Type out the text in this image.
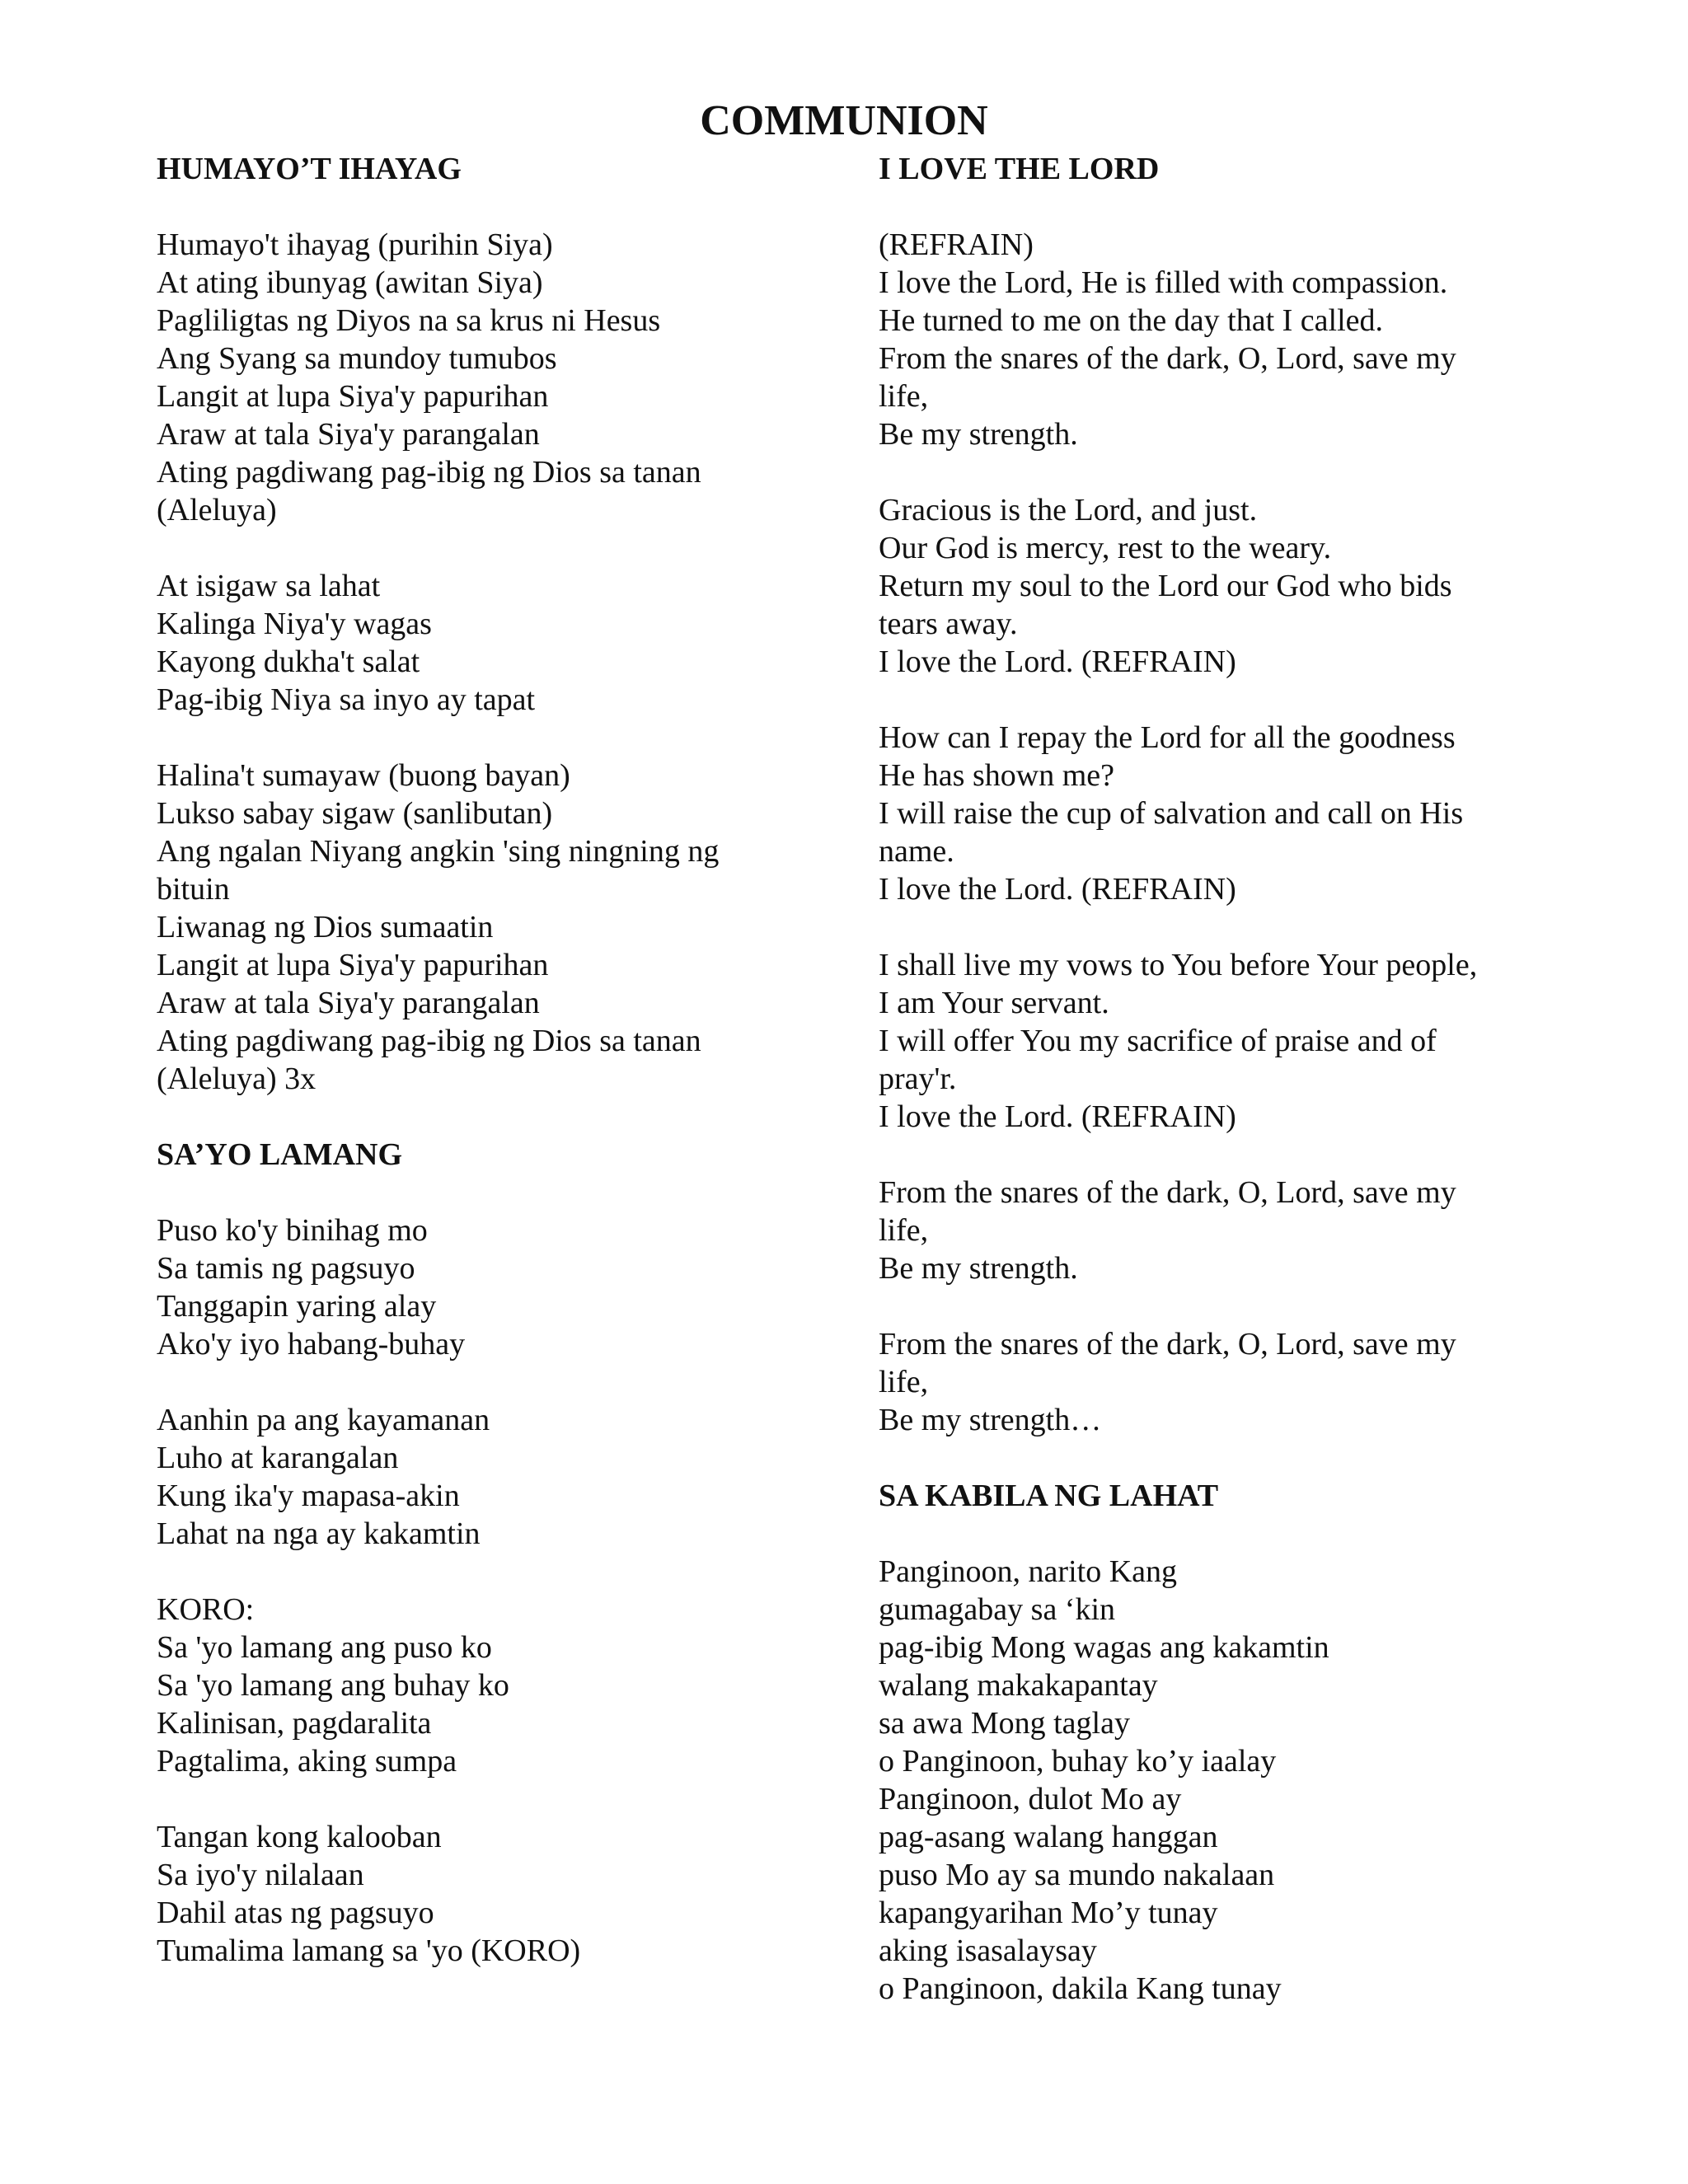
COMMUNION
HUMAYO’T IHAYAG
Humayo't ihayag (purihin Siya)
At ating ibunyag (awitan Siya)
Pagliligtas ng Diyos na sa krus ni Hesus
Ang Syang sa mundoy tumubos
Langit at lupa Siya'y papurihan
Araw at tala Siya'y parangalan
Ating pagdiwang pag-ibig ng Dios sa tanan
(Aleluya)
At isigaw sa lahat
Kalinga Niya'y wagas
Kayong dukha't salat
Pag-ibig Niya sa inyo ay tapat
Halina't sumayaw (buong bayan)
Lukso sabay sigaw (sanlibutan)
Ang ngalan Niyang angkin 'sing ningning ng
bituin
Liwanag ng Dios sumaatin
Langit at lupa Siya'y papurihan
Araw at tala Siya'y parangalan
Ating pagdiwang pag-ibig ng Dios sa tanan
(Aleluya) 3x
SA’YO LAMANG
Puso ko'y binihag mo
Sa tamis ng pagsuyo
Tanggapin yaring alay
Ako'y iyo habang-buhay
Aanhin pa ang kayamanan
Luho at karangalan
Kung ika'y mapasa-akin
Lahat na nga ay kakamtin
KORO:
Sa 'yo lamang ang puso ko
Sa 'yo lamang ang buhay ko
Kalinisan, pagdaralita
Pagtalima, aking sumpa
Tangan kong kalooban
Sa iyo'y nilalaan
Dahil atas ng pagsuyo
Tumalima lamang sa 'yo (KORO)
I LOVE THE LORD
(REFRAIN)
I love the Lord, He is filled with compassion.
He turned to me on the day that I called.
From the snares of the dark, O, Lord, save my
life,
Be my strength.
Gracious is the Lord, and just.
Our God is mercy, rest to the weary.
Return my soul to the Lord our God who bids
tears away.
I love the Lord. (REFRAIN)
How can I repay the Lord for all the goodness
He has shown me?
I will raise the cup of salvation and call on His
name.
I love the Lord. (REFRAIN)
I shall live my vows to You before Your people,
I am Your servant.
I will offer You my sacrifice of praise and of
pray'r.
I love the Lord. (REFRAIN)
From the snares of the dark, O, Lord, save my
life,
Be my strength.
From the snares of the dark, O, Lord, save my
life,
Be my strength…
SA KABILA NG LAHAT
Panginoon, narito Kang
gumagabay sa ‘kin
pag-ibig Mong wagas ang kakamtin
walang makakapantay
sa awa Mong taglay
o Panginoon, buhay ko’y iaalay
Panginoon, dulot Mo ay
pag-asang walang hanggan
puso Mo ay sa mundo nakalaan
kapangyarihan Mo’y tunay
aking isasalaysay
o Panginoon, dakila Kang tunay
